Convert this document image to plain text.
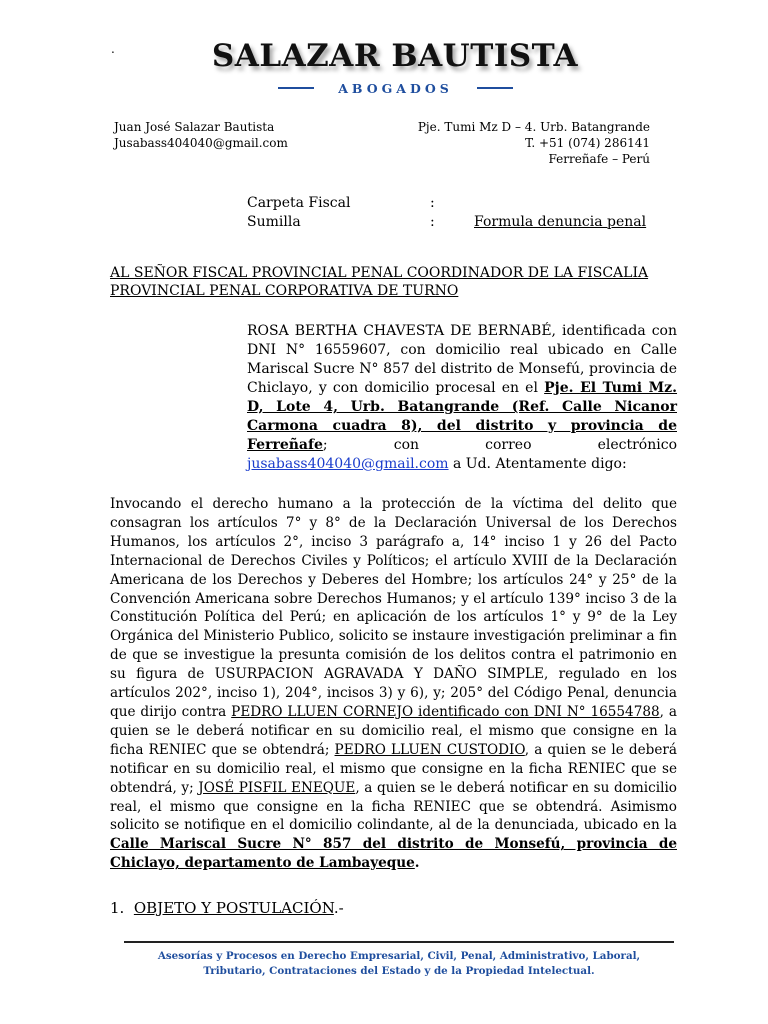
.	SALAZAR BAUTISTA
ABOGADOS
Juan José Salazar Bautista
Jusabass404040@gmail.com
Pje. Tumi Mz D – 4. Urb. Batangrande
T. +51 (074) 286141
Ferreñafe – Perú
Carpeta Fiscal	:
Sumilla	:	Formula denuncia penal
AL SEÑOR FISCAL PROVINCIAL PENAL COORDINADOR DE LA FISCALIA PROVINCIAL PENAL CORPORATIVA DE TURNO
ROSA BERTHA CHAVESTA DE BERNABÉ, identificada con DNI N° 16559607, con domicilio real ubicado en Calle Mariscal Sucre N° 857 del distrito de Monsefú, provincia de Chiclayo, y con domicilio procesal en el Pje. El Tumi Mz. D, Lote 4, Urb. Batangrande (Ref. Calle Nicanor Carmona cuadra 8), del distrito y provincia de Ferreñafe; con correo electrónico jusabass404040@gmail.com a Ud. Atentamente digo:
Invocando el derecho humano a la protección de la víctima del delito que consagran los artículos 7° y 8° de la Declaración Universal de los Derechos Humanos, los artículos 2°, inciso 3 parágrafo a, 14° inciso 1 y 26 del Pacto Internacional de Derechos Civiles y Políticos; el artículo XVIII de la Declaración Americana de los Derechos y Deberes del Hombre; los artículos 24° y 25° de la Convención Americana sobre Derechos Humanos; y el artículo 139° inciso 3 de la Constitución Política del Perú; en aplicación de los artículos 1° y 9° de la Ley Orgánica del Ministerio Publico, solicito se instaure investigación preliminar a fin de que se investigue la presunta comisión de los delitos contra el patrimonio en su figura de USURPACION AGRAVADA Y DAÑO SIMPLE, regulado en los artículos 202°, inciso 1), 204°, incisos 3) y 6), y; 205° del Código Penal, denuncia que dirijo contra PEDRO LLUEN CORNEJO identificado con DNI N° 16554788, a quien se le deberá notificar en su domicilio real, el mismo que consigne en la ficha RENIEC que se obtendrá; PEDRO LLUEN CUSTODIO, a quien se le deberá notificar en su domicilio real, el mismo que consigne en la ficha RENIEC que se obtendrá, y; JOSÉ PISFIL ENEQUE, a quien se le deberá notificar en su domicilio real, el mismo que consigne en la ficha RENIEC que se obtendrá. Asimismo solicito se notifique en el domicilio colindante, al de la denunciada, ubicado en la Calle Mariscal Sucre N° 857 del distrito de Monsefú, provincia de Chiclayo, departamento de Lambayeque.
1. OBJETO Y POSTULACIÓN.-
Asesorías y Procesos en Derecho Empresarial, Civil, Penal, Administrativo, Laboral,
Tributario, Contrataciones del Estado y de la Propiedad Intelectual.
